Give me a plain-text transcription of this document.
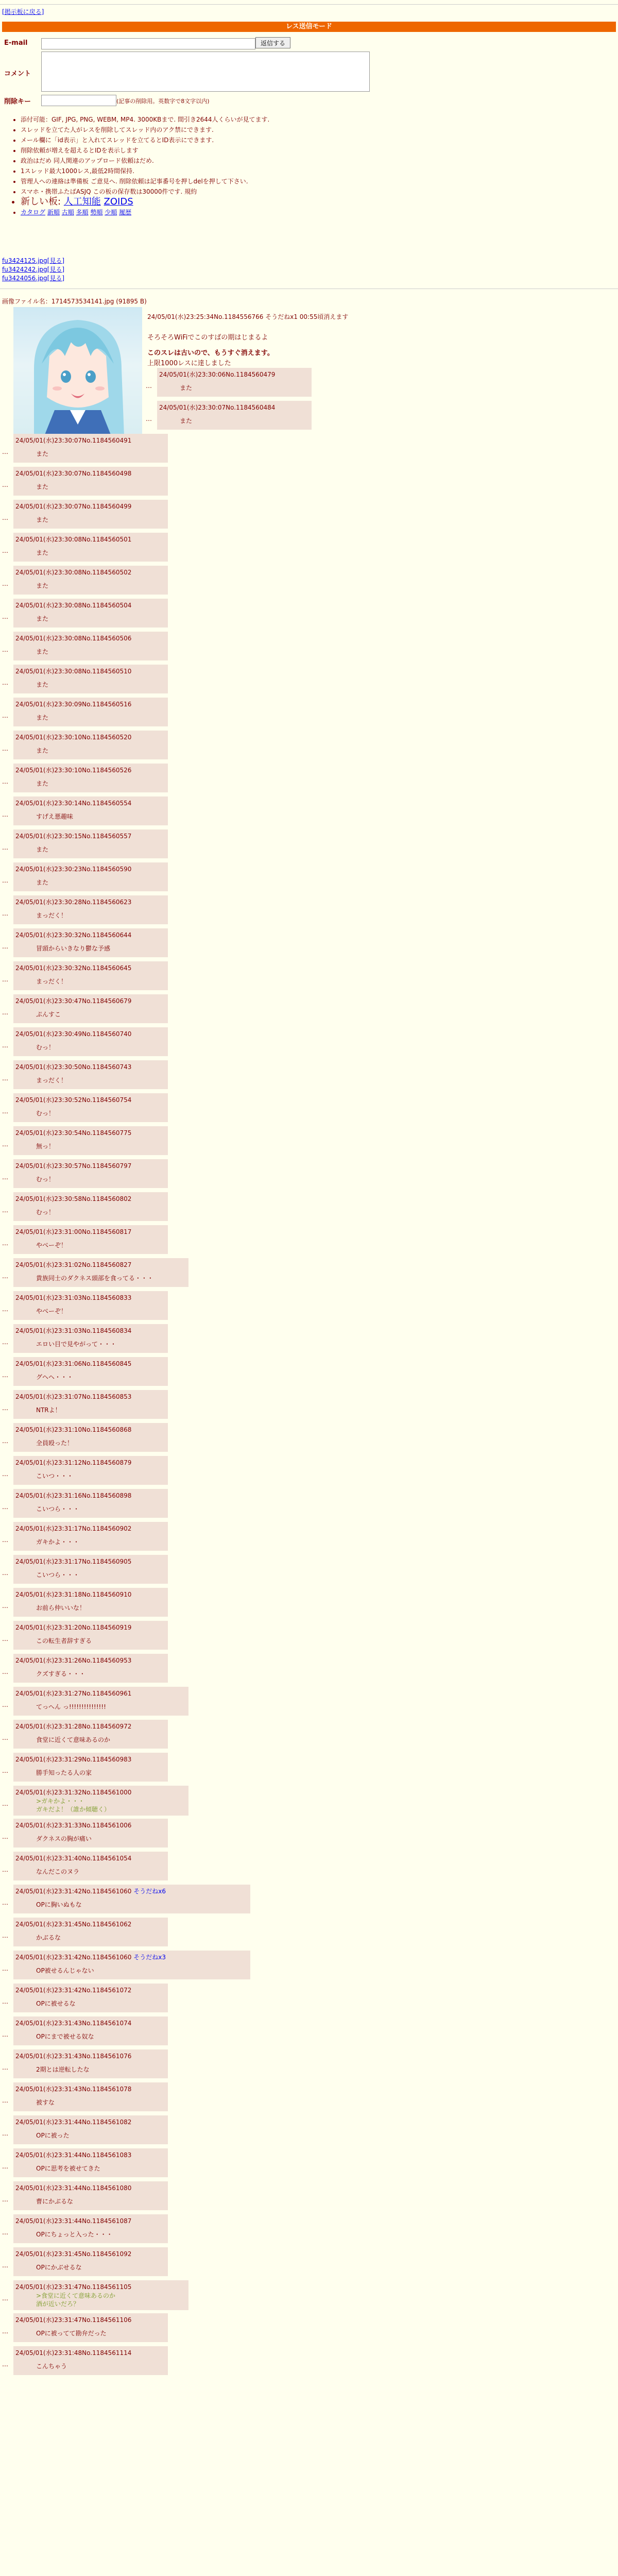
[掲示板に戻る]
レス送信モード
E-mail	返信する
コメント
削除キー	(記事の削除用。英数字で8文字以内)
• 添付可能：GIF, JPG, PNG, WEBM, MP4. 3000KBまで. 間引き2644人くらいが見てます.
• スレッドを立てた人がレスを削除してスレッド内のアク禁にできます.
• メール欄に「id表示」と入れてスレッドを立てるとID表示にできます.
• 削除依頼が増えを超えるとIDを表示します
• 政治はだめ 同人関連のアップロード依頼はだめ.
• 1スレッド最大1000レス,最低2時間保持.
• 管理人への連絡は準備板 ご意見へ. 削除依頼は記事番号を押しdelを押して下さい.
• スマホ・携帯ふたばASJQ この板の保存数は30000件です. 規約
• 新しい板: 人工知能 ZOIDS
• カタログ 新順 古順 多順 勢順 少順 履歴
fu3424125.jpg[見る]
fu3424242.jpg[見る]
fu3424056.jpg[見る]
画像ファイル名：1714573534141.jpg (91895 B)
24/05/01(水)23:25:34No.1184556766 そうだねx1 00:55頃消えます
そろそろWiFiでこのすばの期はじまるよ
このスレは古いので、もうすぐ消えます。
上限1000レスに達しました
…
24/05/01(水)23:30:06No.1184560479
また
…
24/05/01(水)23:30:07No.1184560484
また
…
24/05/01(水)23:30:07No.1184560491
また
…
24/05/01(水)23:30:07No.1184560498
また
…
24/05/01(水)23:30:07No.1184560499
また
…
24/05/01(水)23:30:08No.1184560501
また
…
24/05/01(水)23:30:08No.1184560502
また
…
24/05/01(水)23:30:08No.1184560504
また
…
24/05/01(水)23:30:08No.1184560506
また
…
24/05/01(水)23:30:08No.1184560510
また
…
24/05/01(水)23:30:09No.1184560516
また
…
24/05/01(水)23:30:10No.1184560520
また
…
24/05/01(水)23:30:10No.1184560526
また
…
24/05/01(水)23:30:14No.1184560554
すげえ悪趣味
…
24/05/01(水)23:30:15No.1184560557
また
…
24/05/01(水)23:30:23No.1184560590
また
…
24/05/01(水)23:30:28No.1184560623
まっだく！
…
24/05/01(水)23:30:32No.1184560644
冒頭からいきなり鬱な予感
…
24/05/01(水)23:30:32No.1184560645
まっだく！
…
24/05/01(水)23:30:47No.1184560679
ぷんすこ
…
24/05/01(水)23:30:49No.1184560740
むっ！
…
24/05/01(水)23:30:50No.1184560743
まっだく！
…
24/05/01(水)23:30:52No.1184560754
むっ！
…
24/05/01(水)23:30:54No.1184560775
無っ！
…
24/05/01(水)23:30:57No.1184560797
むっ！
…
24/05/01(水)23:30:58No.1184560802
むっ！
…
24/05/01(水)23:31:00No.1184560817
やべーぞ！
…
24/05/01(水)23:31:02No.1184560827
貴族同士のダクネス頭部を食ってる・・・
…
24/05/01(水)23:31:03No.1184560833
やべーぞ！
…
24/05/01(水)23:31:03No.1184560834
エロい目で見やがって・・・
…
24/05/01(水)23:31:06No.1184560845
グヘヘ・・・
…
24/05/01(水)23:31:07No.1184560853
NTRよ！
…
24/05/01(水)23:31:10No.1184560868
全員殴った！
…
24/05/01(水)23:31:12No.1184560879
こいつ・・・
…
24/05/01(水)23:31:16No.1184560898
こいつら・・・
…
24/05/01(水)23:31:17No.1184560902
ガキかよ・・・
…
24/05/01(水)23:31:17No.1184560905
こいつら・・・
…
24/05/01(水)23:31:18No.1184560910
お前ら仲いいな！
…
24/05/01(水)23:31:20No.1184560919
この転生者辞すぎる
…
24/05/01(水)23:31:26No.1184560953
クズすぎる・・・
…
24/05/01(水)23:31:27No.1184560961
てっへん っ!!!!!!!!!!!!!!!
…
24/05/01(水)23:31:28No.1184560972
食堂に近くて意味あるのか
…
24/05/01(水)23:31:29No.1184560983
勝手知ったる人の家
…
24/05/01(水)23:31:32No.1184561000
>ガキかよ・・・
ガキだよ！（誰か傾聴く）
…
24/05/01(水)23:31:33No.1184561006
ダクネスの胸が痛い
…
24/05/01(水)23:31:40No.1184561054
なんだこのヌラ
…
24/05/01(水)23:31:42No.1184561060 そうだねx6
OPに胸いぬもな
…
24/05/01(水)23:31:45No.1184561062
かぶるな
…
24/05/01(水)23:31:42No.1184561060 そうだねx3
OP被せるんじゃない
…
24/05/01(水)23:31:42No.1184561072
OPに被せるな
…
24/05/01(水)23:31:43No.1184561074
OPにまで被せる奴な
…
24/05/01(水)23:31:43No.1184561076
2期とは逆転したな
…
24/05/01(水)23:31:43No.1184561078
被すな
…
24/05/01(水)23:31:44No.1184561082
OPに被った
…
24/05/01(水)23:31:44No.1184561083
OPに思考を被せてきた
…
24/05/01(水)23:31:44No.1184561080
曹にかぶるな
…
24/05/01(水)23:31:44No.1184561087
OPにちょっと入った・・・
…
24/05/01(水)23:31:45No.1184561092
OPにかぶせるな
…
24/05/01(水)23:31:47No.1184561105
>食堂に近くて意味あるのか
酒が近いだろ？
…
24/05/01(水)23:31:47No.1184561106
OPに被ってて勘弁だった
…
24/05/01(水)23:31:48No.1184561114
こんちゃう
